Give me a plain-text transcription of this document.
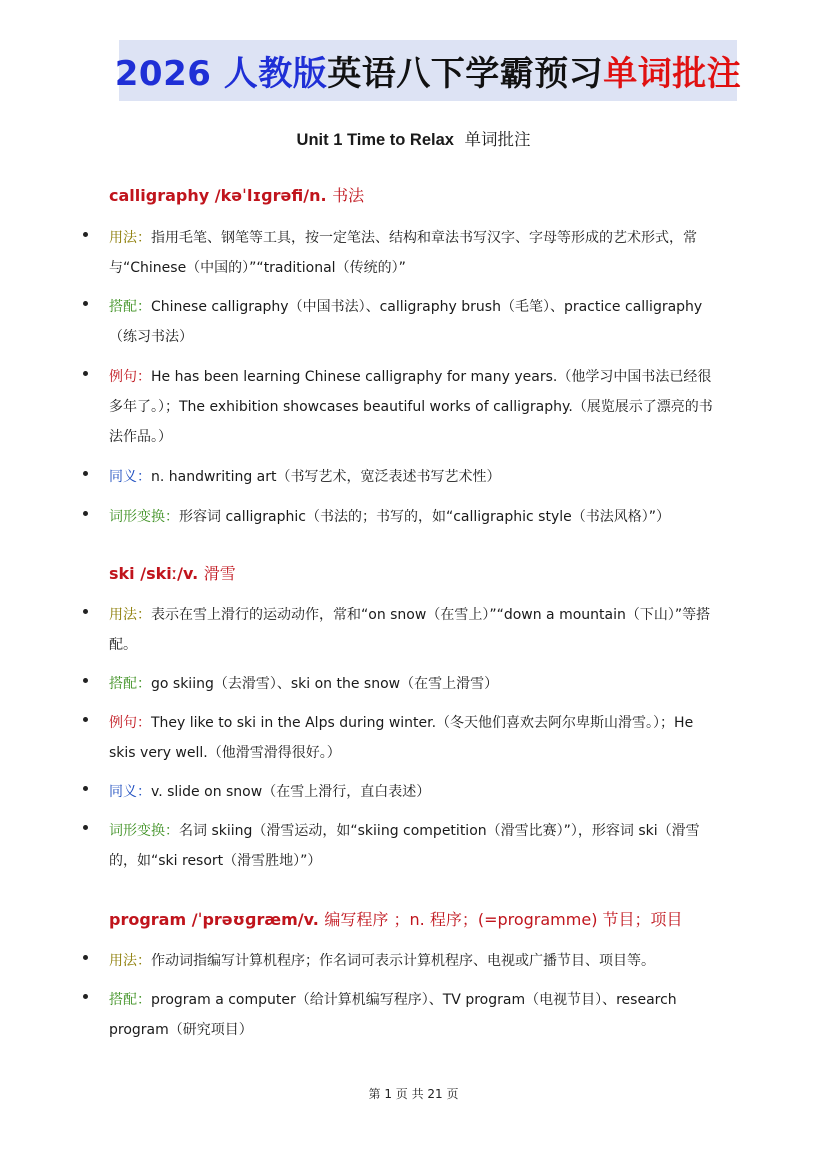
2026 人教版 英语八下学霸预习 单词批注
Unit 1 Time to Relax 单词批注
calligraphy /kəˈlɪɡrəfi/n. 书法
用法：指用毛笔、钢笔等工具，按一定笔法、结构和章法书写汉字、字母等形成的艺术形式，常与“Chinese（中国的）”“traditional（传统的）”
搭配：Chinese calligraphy（中国书法）、calligraphy brush（毛笔）、practice calligraphy（练习书法）
例句：He has been learning Chinese calligraphy for many years.（他学习中国书法已经很多年了。）；The exhibition showcases beautiful works of calligraphy.（展览展示了漂亮的书法作品。）
同义：n. handwriting art（书写艺术，宽泛表述书写艺术性）
词形变换：形容词 calligraphic（书法的；书写的，如“calligraphic style（书法风格）”）
ski /skiː/v. 滑雪
用法：表示在雪上滑行的运动动作，常和“on snow（在雪上）”“down a mountain（下山）”等搭配。
搭配：go skiing（去滑雪）、ski on the snow（在雪上滑雪）
例句：They like to ski in the Alps during winter.（冬天他们喜欢去阿尔卑斯山滑雪。）；He skis very well.（他滑雪滑得很好。）
同义：v. slide on snow（在雪上滑行，直白表述）
词形变换：名词 skiing（滑雪运动，如“skiing competition（滑雪比赛）”），形容词 ski（滑雪的，如“ski resort（滑雪胜地）”）
program /ˈprəʊɡræm/v. 编写程序 ；n. 程序；(=programme) 节目；项目
用法：作动词指编写计算机程序；作名词可表示计算机程序、电视或广播节目、项目等。
搭配：program a computer（给计算机编写程序）、TV program（电视节目）、research program（研究项目）
第 1 页 共 21 页
